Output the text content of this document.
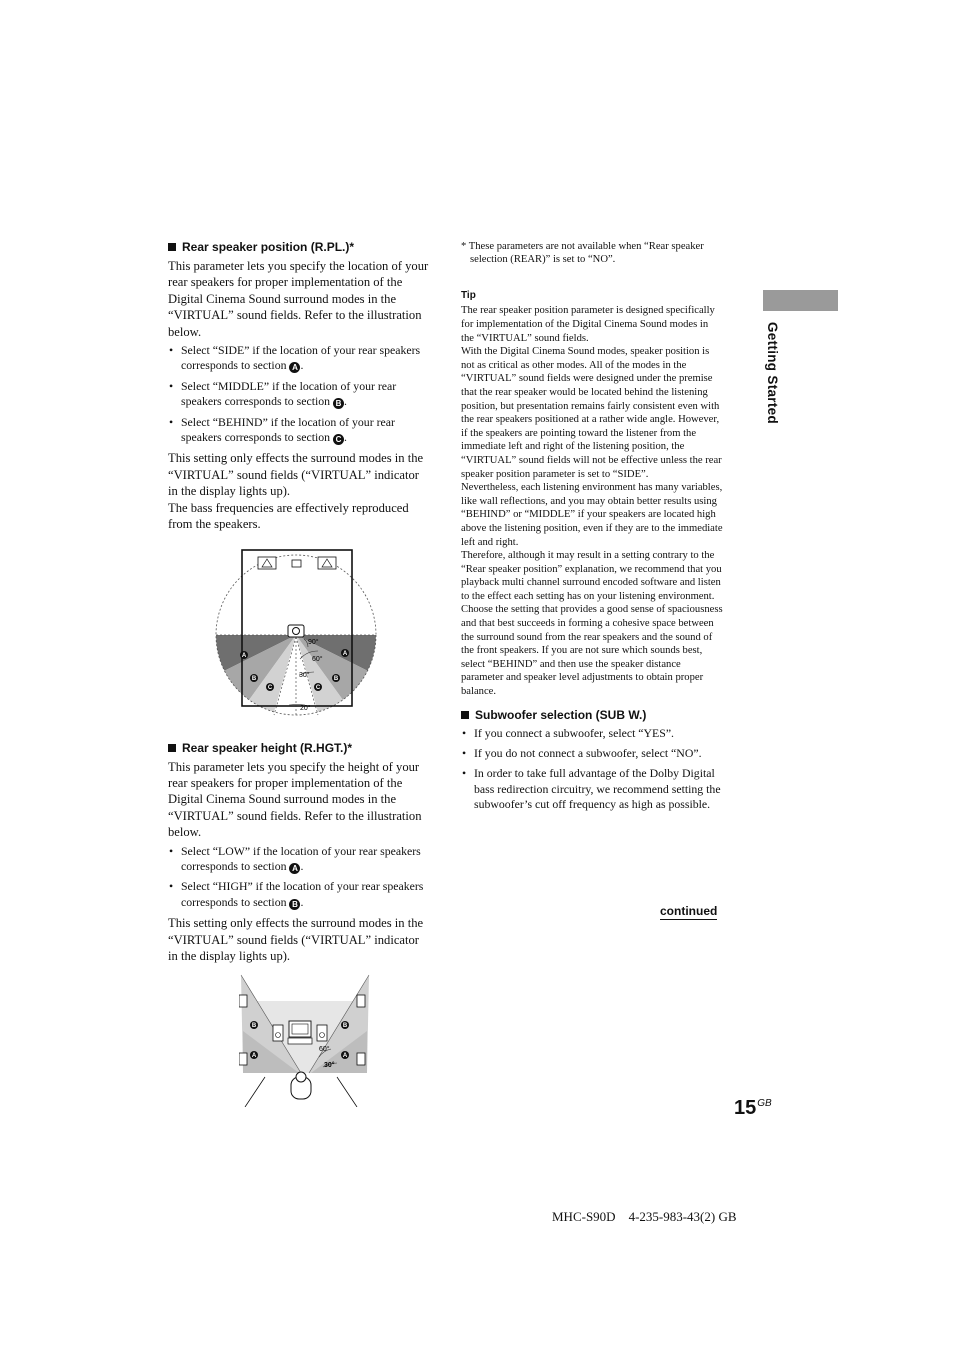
Rear speaker position (R.PL.)*

This parameter lets you specify the location of your rear speakers for proper implementation of the Digital Cinema Sound surround modes in the “VIRTUAL” sound fields. Refer to the illustration below.

• Select “SIDE” if the location of your rear speakers corresponds to section A .
• Select “MIDDLE” if the location of your rear speakers corresponds to section B .
• Select “BEHIND” if the location of your rear speakers corresponds to section C .

This setting only effects the surround modes in the “VIRTUAL” sound fields (“VIRTUAL” indicator in the display lights up).

The bass frequencies are effectively reproduced from the speakers.

90°
60°
30°
20°
A	A
B	B
C	C
Rear speaker height (R.HGT.)*

This parameter lets you specify the height of your rear speakers for proper implementation of the Digital Cinema Sound surround modes in the “VIRTUAL” sound fields. Refer to the illustration below.

• Select “LOW” if the location of your rear speakers corresponds to section A .
• Select “HIGH” if the location of your rear speakers corresponds to section B .

This setting only effects the surround modes in the “VIRTUAL” sound fields (“VIRTUAL” indicator in the display lights up).

60°
30°
B	B
A	A

* These parameters are not available when “Rear speaker selection (REAR)” is set to “NO”.

Tip

The rear speaker position parameter is designed specifically for implementation of the Digital Cinema Sound modes in the “VIRTUAL” sound fields.

With the Digital Cinema Sound modes, speaker position is not as critical as other modes. All of the modes in the “VIRTUAL” sound fields were designed under the premise that the rear speaker would be located behind the listening position, but presentation remains fairly consistent even with the rear speakers positioned at a rather wide angle. However, if the speakers are pointing toward the listener from the immediate left and right of the listening position, the “VIRTUAL” sound fields will not be effective unless the rear speaker position parameter is set to “SIDE”.

Nevertheless, each listening environment has many variables, like wall reflections, and you may obtain better results using “BEHIND” or “MIDDLE” if your speakers are located high above the listening position, even if they are to the immediate left and right.

Therefore, although it may result in a setting contrary to the “Rear speaker position” explanation, we recommend that you playback multi channel surround encoded software and listen to the effect each setting has on your listening environment. Choose the setting that provides a good sense of spaciousness and that best succeeds in forming a cohesive space between the surround sound from the rear speakers and the sound of the front speakers. If you are not sure which sounds best, select “BEHIND” and then use the speaker distance parameter and speaker level adjustments to obtain proper balance.

Subwoofer selection (SUB W.)
• If you connect a subwoofer, select “YES”.
• If you do not connect a subwoofer, select “NO”.
• In order to take full advantage of the Dolby Digital bass redirection circuitry, we recommend setting the subwoofer’s cut off frequency as high as possible.
continued
Getting Started
$15^{GB}$
MHC-S90D    4-235-983-43(2) GB
